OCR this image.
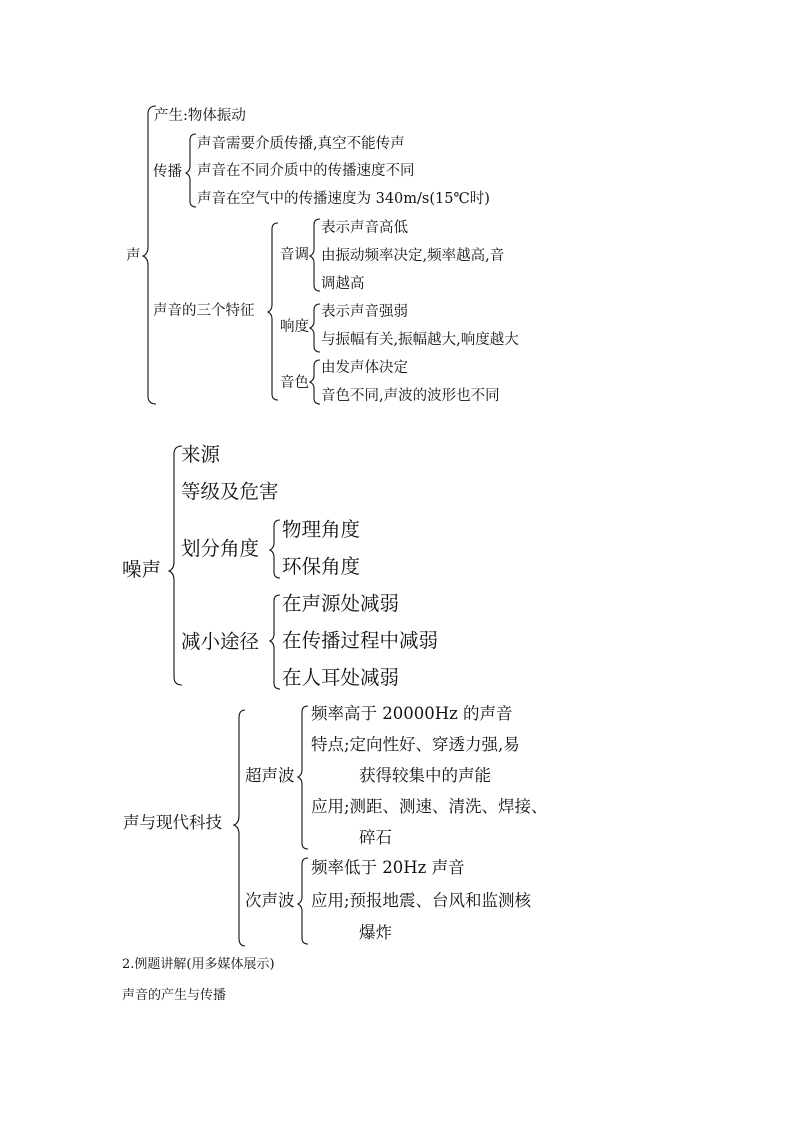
声
产生:物体振动
传播
声音需要介质传播,真空不能传声
声音在不同介质中的传播速度不同
声音在空气中的传播速度为 340m/s(15℃时)
声音的三个特征
音调
表示声音高低
由振动频率决定,频率越高,音
调越高
响度
表示声音强弱
与振幅有关,振幅越大,响度越大
音色
由发声体决定
音色不同,声波的波形也不同
噪声
来源
等级及危害
划分角度
物理角度
环保角度
减小途径
在声源处减弱
在传播过程中减弱
在人耳处减弱
声与现代科技
超声波
频率高于 20000Hz 的声音
特点;定向性好、穿透力强,易
获得较集中的声能
应用;测距、测速、清洗、焊接、
碎石
次声波
频率低于 20Hz 声音
应用;预报地震、台风和监测核
爆炸
2.例题讲解(用多媒体展示)
声音的产生与传播
